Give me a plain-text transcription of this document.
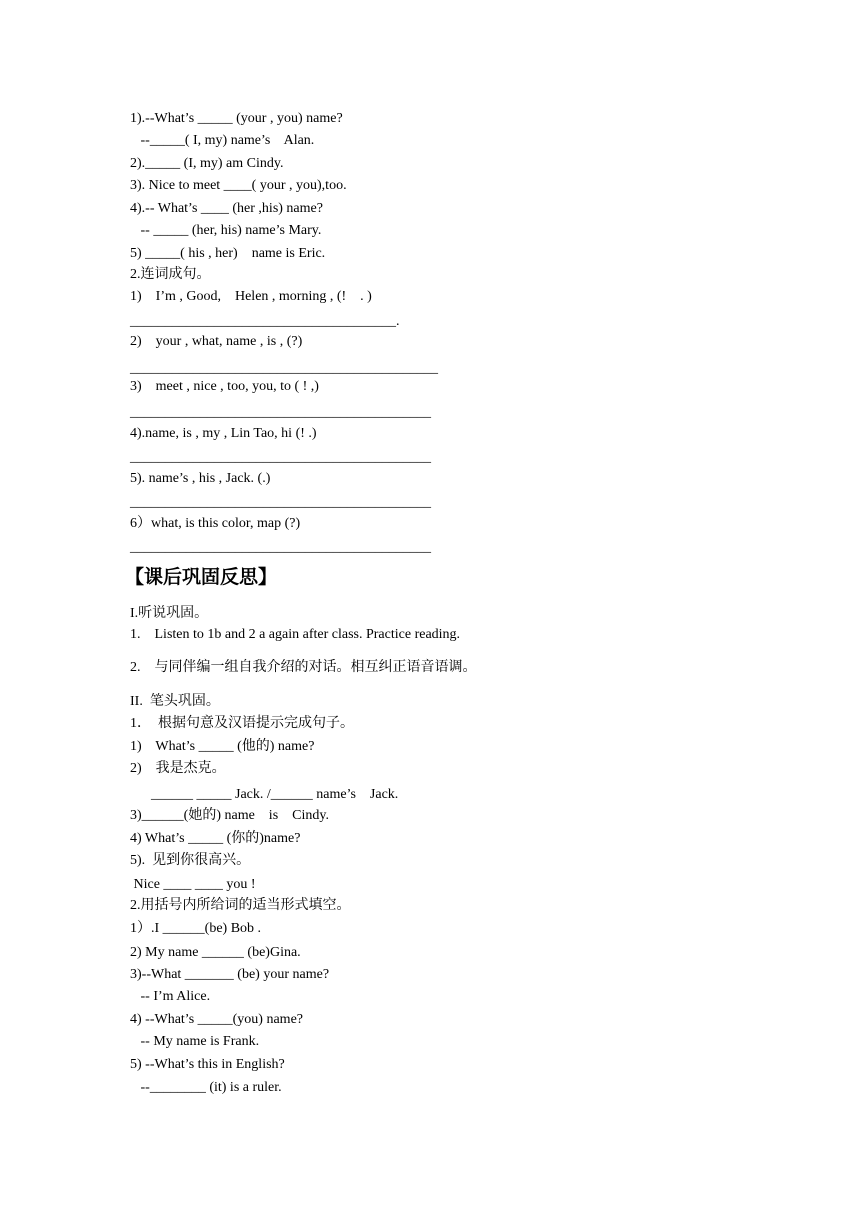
1).--What’s _____ (your , you) name?
--_____( I, my) name’s    Alan.
2)._____ (I, my) am Cindy.
3). Nice to meet ____( your , you),too.
4).-- What’s ____ (her ,his) name?
-- _____ (her, his) name’s Mary.
5) _____( his , her)    name is Eric.
2.连词成句。
1)    I’m , Good,    Helen , morning , (!    . )
______________________________________.
2)    your , what, name , is , (?)
____________________________________________
3)    meet , nice , too, you, to ( ! ,)
___________________________________________
4).name, is , my , Lin Tao, hi (! .)
___________________________________________
5). name’s , his , Jack. (.)
___________________________________________
6）what, is this color, map (?)
___________________________________________
【课后巩固反思】
I.听说巩固。
1.    Listen to 1b and 2 a again after class. Practice reading.
2.    与同伴编一组自我介绍的对话。相互纠正语音语调。
II.  笔头巩固。
1．  根据句意及汉语提示完成句子。
1)    What’s _____ (他的) name?
2)    我是杰克。
______ _____ Jack. /______ name’s    Jack.
3)______(她的) name    is    Cindy.
4) What’s _____ (你的)name?
5).  见到你很高兴。
Nice ____ ____ you !
2.用括号内所给词的适当形式填空。
1）.I ______(be) Bob .
2) My name ______ (be)Gina.
3)--What _______ (be) your name?
-- I’m Alice.
4) --What’s _____(you) name?
-- My name is Frank.
5) --What’s this in English?
--________ (it) is a ruler.
